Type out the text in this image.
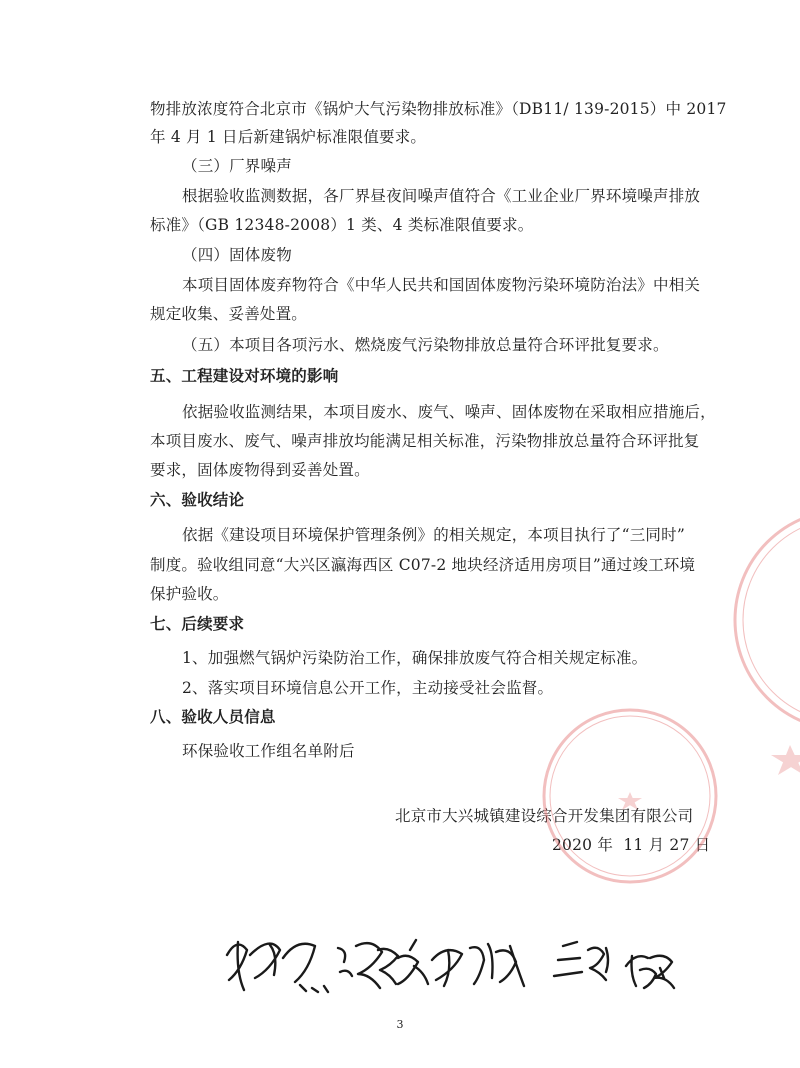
物排放浓度符合北京市《锅炉大气污染物排放标准》（DB11/ 139-2015）中 2017
年 4 月 1 日后新建锅炉标准限值要求。
（三）厂界噪声
根据验收监测数据，各厂界昼夜间噪声值符合《工业企业厂界环境噪声排放
标准》（GB 12348-2008）1 类、4 类标准限值要求。
（四）固体废物
本项目固体废弃物符合《中华人民共和国固体废物污染环境防治法》中相关
规定收集、妥善处置。
（五）本项目各项污水、燃烧废气污染物排放总量符合环评批复要求。
五、工程建设对环境的影响
依据验收监测结果，本项目废水、废气、噪声、固体废物在采取相应措施后，
本项目废水、废气、噪声排放均能满足相关标准，污染物排放总量符合环评批复
要求，固体废物得到妥善处置。
六、验收结论
依据《建设项目环境保护管理条例》的相关规定，本项目执行了“三同时”
制度。验收组同意“大兴区瀛海西区 C07-2 地块经济适用房项目”通过竣工环境
保护验收。
七、后续要求
1、加强燃气锅炉污染防治工作，确保排放废气符合相关规定标准。
2、落实项目环境信息公开工作，主动接受社会监督。
八、验收人员信息
环保验收工作组名单附后
北京市大兴城镇建设综合开发集团有限公司
2020 年  11 月 27 日
3
